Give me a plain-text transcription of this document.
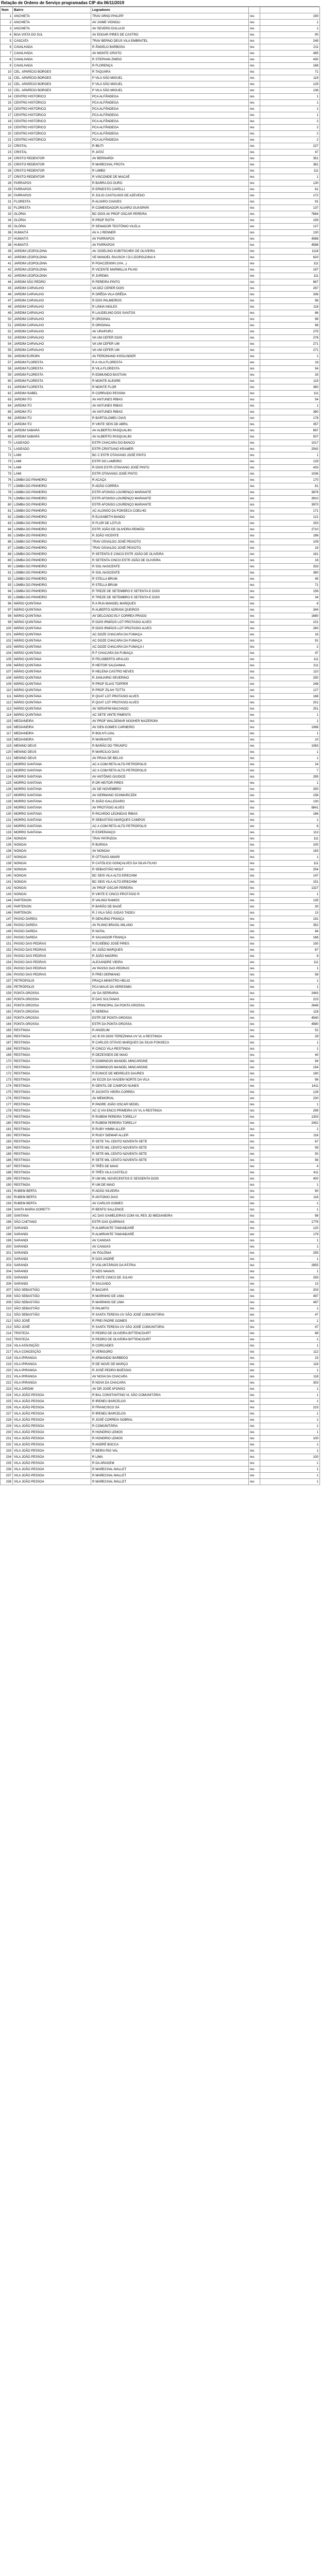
Relação de Ordens de Serviço programadas CIP dia 06/11/2019
Num	Bairro	Logradouro		
1	ANCHIETA	TRAV ARNO PHILIPP	res	190
2	ANCHIETA	AV JAIME VIGNOLI	res	1
3	ANCHIETA	AV SEVERO DULLIUS	res	1
4	BOA VISTA DO SUL	AV EDGAR PIRES DE CASTRO	res	90
5	CASCATA	TRAV BERNO DEUS VILA EMBRATEL	res	249
6	CAVALHADA	R ÂNGELO BARBOSA	res	211
7	CAVALHADA	AV MONTE CRISTO	res	485
8	CAVALHADA	R STEPHAN ZWEIG	res	430
9	CAVALHADA	R FLORENÇA	res	168
10	CEL. APARÍCIO BORGES	R TAQUARA	res	71
11	CEL. APARÍCIO BORGES	P VILA SÃO MIGUEL	res	119
12	CEL. APARÍCIO BORGES	P VILA SÃO MIGUEL	res	129
13	CEL. APARÍCIO BORGES	P VILA SÃO MIGUEL	res	136
14	CENTRO HISTÓRICO	PCA ALFÂNDEGA	res	1
15	CENTRO HISTÓRICO	PCA ALFÂNDEGA	res	1
16	CENTRO HISTÓRICO	PCA ALFÂNDEGA	res	1
17	CENTRO HISTÓRICO	PCA ALFÂNDEGA	res	1
18	CENTRO HISTÓRICO	PCA ALFÂNDEGA	res	2
19	CENTRO HISTÓRICO	PCA ALFÂNDEGA	res	2
20	CENTRO HISTÓRICO	PCA ALFÂNDEGA	res	2
21	CENTRO HISTÓRICO	PCA ALFÂNDEGA	res	2
22	CRISTAL	R IBUTI	res	227
23	CRISTAL	R JATAÍ	res	47
24	CRISTO REDENTOR	AV BERNARDI	res	351
25	CRISTO REDENTOR	R MARECHAL FROTA	res	381
26	CRISTO REDENTOR	R LIMBO	res	111
27	CRISTO REDENTOR	R VISCONDE DE MACAÉ	res	1
28	FARRAPOS	R BARRA DO OURO	res	130
29	FARRAPOS	R ERNESTO CAPELLI	res	61
30	FARRAPOS	R JÚLIO CASTILHOS DE AZEVEDO	res	172
31	FLORESTA	R ALVARO CHAVES	res	91
32	FLORESTA	R COMENDADOR ALVARO GUASPARI	res	137
33	GLÓRIA	BC DOIS AV PROF OSCAR PEREIRA	res	7684
34	GLÓRIA	R PROF ROTH	res	159
35	GLÓRIA	R SENADOR TEOTÔNIO VILELA	res	127
36	HUMAITÁ	AV A J RENNER	res	130
37	HUMAITÁ	AV FARRAPOS	res	4588
38	HUMAITÁ	AV FARRAPOS	res	4588
39	JARDIM LEOPOLDINA	AV JOSELINO KUBITSCHEK DE OLIVEIRA	res	1118
40	JARDIM LEOPOLDINA	VE MANOEL RAUSCH / DJ LEOPOLDINA II	res	620
41	JARDIM LEOPOLDINA	R POACZENSKI (VIA...)	res	111
42	JARDIM LEOPOLDINA	R VICENTE MARMILLIA FILHO	res	197
43	JARDIM LEOPOLDINA	R JUREMA	res	111
44	JARDIM SÃO PEDRO	R PEREIRA PINTO	res	667
45	JARDIM CARVALHO	VA DEZ CERER DOIS	res	267
46	JARDIM CARVALHO	R GRÊDA VILA GRÊDA	res	336
47	JARDIM CARVALHO	R DOS PALMEIROS	res	96
48	JARDIM CARVALHO	R LINHA INGLES	res	116
49	JARDIM CARVALHO	R LAUDELINO DOS SANTOS	res	86
50	JARDIM CARVALHO	R ORIGINAL	res	96
51	JARDIM CARVALHO	R ORIGINAL	res	96
52	JARDIM CARVALHO	AV URAPURU	res	275
53	JARDIM CARVALHO	VA UM CEFER DOIS	res	276
54	JARDIM CARVALHO	VA UM CEFER UM	res	271
55	JARDIM CARVALHO	VA UM CEFER UM	res	271
56	JARDIM EUROPA	AV FERDINAND KISSLINGER	res	1
57	JARDIM FLORESTA	R A VILA FLORESTA	res	18
58	JARDIM FLORESTA	R VILA FLORESTA	res	54
59	JARDIM FLORESTA	R EDMUNDO BASTIAN	res	33
60	JARDIM FLORESTA	R MONTE ALEGRE	res	119
61	JARDIM FLORESTA	R MONTE FLOR	res	360
62	JARDIM ISABEL	R CORRADO PESSINI	res	111
63	JARDIM ITÚ	AV ANTUNES RIBAS	res	54
64	JARDIM ITÚ	AV ANTUNES RIBAS	res	1
65	JARDIM ITÚ	AV ANTUNES RIBAS	res	380
66	JARDIM ITÚ	R BARTOLOMEU DIAS	res	178
67	JARDIM ITÚ	R VINTE SEIS DE ABRIL	res	357
68	JARDIM SABARÁ	AV ALBERTO PASQUALINI	res	697
69	JARDIM SABARÁ	AV ALBERTO PASQUALINI	res	507
70	LAGEADO	ESTR CHACARA DO BANCO	res	1017
71	LAGEADO	ESTR CRISTIANO KRAMER	res	2542
72	LAMI	BC C ESTR OTAVIANO JOSÉ PINTO	res	1
73	LAMI	ESTR DO LAMEIRO	res	129
74	LAMI	R DOIS ESTR OTAVIANO JOSÉ PINTO	res	433
75	LAMI	ESTR OTAVIANO JOSÉ PINTO	res	1036
76	LOMBA DO PINHEIRO	R ACAÇA	res	170
77	LOMBA DO PINHEIRO	R ADÃO CORREA	res	61
78	LOMBA DO PINHEIRO	ESTR AFONSO LOURENÇO MARIANTE	res	3876
79	LOMBA DO PINHEIRO	ESTR AFONSO LOURENÇO MARIANTE	res	3910
80	LOMBA DO PINHEIRO	ESTR AFONSO LOURENÇO MARIANTE	res	3970
81	LOMBA DO PINHEIRO	AC ALONSO DA FONSECA COELHO	res	171
82	LOMBA DO PINHEIRO	R ELISABETH BANDO	res	121
83	LOMBA DO PINHEIRO	R FLOR DE LÓTUS	res	253
84	LOMBA DO PINHEIRO	ESTR JOÃO DE OLIVEIRA REMIÃO	res	2710
85	LOMBA DO PINHEIRO	R JOÃO VICENTE	res	186
86	LOMBA DO PINHEIRO	TRAV OSVALDO JOSÉ PEIXOTO	res	109
87	LOMBA DO PINHEIRO	TRAV OSVALDO JOSÉ PEIXOTO	res	19
88	LOMBA DO PINHEIRO	R SETENTA E CINCO ESTR JOÃO DE OLIVEIRA	res	161
89	LOMBA DO PINHEIRO	R SETENTA CINCO ESTR JOÃO DE OLIVEIRA	res	16
90	LOMBA DO PINHEIRO	R SOL NASCENTE	res	333
91	LOMBA DO PINHEIRO	R SOL NASCENTE	res	360
92	LOMBA DO PINHEIRO	R STELLA BRUM	res	45
93	LOMBA DO PINHEIRO	R STELLA BRUM	res	71
94	LOMBA DO PINHEIRO	R TREZE DE SETEMBRO E SETENTA E DOIS	res	156
95	LOMBA DO PINHEIRO	R TREZE DE SETEMBRO E SETENTA E DOIS	res	34
96	MÁRIO QUINTANA	R A RUA MANOEL MARQUES	res	8
97	MÁRIO QUINTANA	R ALBERTO ADRIANI QUEIROS	res	344
98	MÁRIO QUINTANA	AV DELCIADO ELY CORREA PRADO	res	1680
99	MÁRIO QUINTANA	R DOIS IRMÃOS LOT PROTASIO ALVES	res	101
100	MÁRIO QUINTANA	R DOIS IRMÃOS LOT PROTASIO ALVES	res	260
101	MÁRIO QUINTANA	AC DOZE CHACARA DA FUMAÇA	res	16
102	MÁRIO QUINTANA	AC DOZE CHACARA DA FUMAÇA	res	91
103	MÁRIO QUINTANA	AC DOZE CHACARA DA FUMAÇA I	res	2
104	MÁRIO QUINTANA	R F CHACARA DA FUMAÇA	res	47
105	MÁRIO QUINTANA	R FELISBERTO ARAUJO	res	111
106	MÁRIO QUINTANA	R HEITOR SALDANHA	res	211
107	MÁRIO QUINTANA	R HELENA CASTRO NEVES	res	110
108	MÁRIO QUINTANA	R JANUARIO SEVERINO	res	250
109	MÁRIO QUINTANA	R PROF ELIAS TOPPER	res	248
110	MÁRIO QUINTANA	R PROF ZILAH TOTTA	res	127
111	MÁRIO QUINTANA	R QUAT LOT PROTASIO ALVES	res	168
112	MÁRIO QUINTANA	R QUAT LOT PROTASIO ALVES	res	201
113	MÁRIO QUINTANA	AV SERAFIM MACHADO	res	251
114	MÁRIO QUINTANA	AC SETE VINTE PIMENTA	res	1
115	MEDIANEIRA	AV PROF WALDEMAR NOGHER MAZERONI	res	1
116	MEDIANEIRA	AV GEN GOMES CARNEIRO	res	1066
117	MEDIANEIRA	R BOLIVÍ LOAL	res	1
118	MEDIANEIRA	R MARIANTE	res	10
119	MENINO DEUS	R BARÃO DO TRIUNFO	res	1083
120	MENINO DEUS	R MARCILIO DIAS	res	1
121	MENINO DEUS	AV PRAIA DE BELAS	res	1
122	MORRO SANTANA	AC A COM RETA ALTO PETRÓPOLIS	res	24
123	MORRO SANTANA	AC A COM RETA ALTO PETRÓPOLIS	res	7
124	MORRO SANTANA	AV ANTÔNIO GIUDICE	res	295
125	MORRO SANTANA	R DR HEITOR PIRES	res	1
126	MORRO SANTANA	AV DE NOVEMBRO	res	250
127	MORRO SANTANA	AV GERMANO SCHMARCZEK	res	156
128	MORRO SANTANA	R JOÃO GALLEGARO	res	130
129	MORRO SANTANA	AV PROTÁSIO ALVES	res	9841
130	MORRO SANTANA	R RICARDO LEONIDAS RIBAS	res	166
131	MORRO SANTANA	R SEBASTIÃO MARQUES CAMPOS	res	1
132	MORRO SANTANA	AC A COM RETA ALTO PETRÓPOLIS	res	8
133	MORRO SANTANA	R ESPERANÇO	res	113
134	NONOAI	TRAV PATRIZOA	res	111
135	NONOAI	R BURIGA	res	100
136	NONOAI	AV NONOAI	res	163
137	NONOAI	R OTTAVIO AMARI	res	1
138	NONOAI	R CATÓLICO GONÇALVES DA SILVA FILHO	res	111
139	NONOAI	R SEBASTIÃO WOLF	res	254
140	NONOAI	BC SEIS VILA ALTO ERECHIM	res	147
141	NONOAI	BC SEIS VILA ALTO ERECHIM	res	151
142	NONOAI	AV PROF OSCAR PEREIRA	res	1327
143	NONOAI	R VINTE E CINCO PROTÁSIO R	res	1
144	PARTENON	R VALINO RAMOS	res	135
145	PARTENON	R BARÃO DE BAGÉ	res	30
146	PARTENON	R J VILA SÃO JUDAS TADEU	res	13
147	PASSO DAREIA	R GENUÍNO FRANÇA	res	191
148	PASSO DAREIA	AV PLINIO BRASIL MILANO	res	352
149	PASSO DAREIA	R NATAL	res	94
150	PASSO DAREIA	R SALVADOR FRANÇA	res	166
151	PASSO DAS PEDRAS	R EUSÉBIO JOSÉ PIRES	res	150
152	PASSO DAS PEDRAS	AV JOÃO MARQUES	res	67
153	PASSO DAS PEDRAS	R JOÃO MADRIN	res	8
154	PASSO DAS PEDRAS	ALEXANDRE VIEIRA	res	111
155	PASSO DAS PEDRAS	AV PASSO DAS PEDRAS	res	1
156	PASSO DAS PEDRAS	R FREI GERMANO	res	58
157	PETRÓPOLIS	PRAÇA MINISTRO HELIO	res	1
158	PETRÓPOLIS	PCA MAUÁ DA VERESIMO	res	1
159	PONTA GROSSA	AV DA SERRARIA	res	2463
160	PONTA GROSSA	R DAS SULTANAS	res	223
161	PONTA GROSSA	AV PRINCIPAL DA PONTA GROSSA	res	2646
162	PONTA GROSSA	R SERENA	res	118
163	PONTA GROSSA	ESTR DE PONTA GROSSA	res	4540
164	PONTA GROSSA	ESTR DA PONTA GROSSA	res	4980
165	RESTINGA	R ANGELIM	res	52
166	RESTINGA	AC B SS DOIS TEREZINHA UV VL A RESTINGA	res	29
167	RESTINGA	R CARLOS OTÁVIO MARQUES DA SILVA FONSECA	res	1
168	RESTINGA	R CINCO VILA RESTINGA	res	1
169	RESTINGA	R DEZESSEIS DE MAIO	res	40
170	RESTINGA	R DOMINGOS MANOEL MINCARONE	res	94
171	RESTINGA	R DOMINGOS MANOEL MINCARONE	res	154
172	RESTINGA	R EUNICE DE MEIRELES DAURES	res	180
173	RESTINGA	AV ECOS DA VIAGEM NORTE DA VILA	res	96
174	RESTINGA	R GENTIL DE CAMPOS NUNES	res	1411
175	RESTINGA	R JACINTO VIEIRA CORREA	res	128
176	RESTINGA	AV MEMORIAL	res	230
177	RESTINGA	R PADRE JOÃO OSCAR NEDEL	res	1
178	RESTINGA	AC Q VIA ENCO PRIMEIRA UV VL A RESTINGA	res	299
179	RESTINGA	R RUBEM PEREIRA TORELLY	res	1303
180	RESTINGA	R RUBEM PEREIRA TORELLY	res	2452
181	RESTINGA	R RUBY HIMMI ALLER	res	1
182	RESTINGA	R RUDY DIEMAR ALLER	res	116
183	RESTINGA	R SETE TAL CENTO NOVENTA SETE	res	67
184	RESTINGA	R SETE MIL CENTO NOVENTA SETE	res	59
185	RESTINGA	R SETE MIL CENTO NOVENTA SETE	res	50
186	RESTINGA	R SETE MIL CENTO NOVENTA SETE	res	56
187	RESTINGA	R TRÊS DE MAIO	res	4
188	RESTINGA	R TRÊS VILA CASTELO	res	411
189	RESTINGA	R UM MIL NOVECENTOS E SESSENTA DOIS	res	400
190	RESTINGA	R UM DE MAIO	res	1
191	RUBEM BERTA	R ADÃO SILVEIRA	res	90
192	RUBEM BERTA	R ANTONIO DIAS	res	116
193	RUBEM BERTA	AV CARLOS GOMES	res	1
194	SANTA MARIA GORETTI	R BENTO SALLENCE	res	1
195	SANTANA	AC DAS GAMELEIRAS COM VIL RES JD MEDIANEIRA	res	98
196	SÃO CAETANO	ESTR DAS QUIRINAS	res	1776
197	SARANDI	R ALMIRANTE TAMANDARÉ	res	120
198	SARANDI	R ALMIRANTE TAMANDARÉ	res	179
199	SARANDI	AV CANOAS	res	1
200	SARANDI	AV CANOAS	res	1
201	SARANDI	AV POLÔNIA	res	255
202	SARANDI	R DOS ANDRÉ	res	1
203	SARANDI	R VOLUNTÁRIOS DA PÁTRIA	res	2855
204	SARANDI	R NÓS NAVAIS	res	1
205	SARANDI	R VINTE CINCO DE JULHO	res	293
206	SARANDI	R SALGADO	res	13
207	SÃO SEBASTIÃO	R BACAPÁ	res	203
208	SÃO SEBASTIÃO	R MARINHO DE LIMA	res	497
209	SÃO SEBASTIÃO	R MARINHO DE LIMA	res	497
210	SÃO SEBASTIÃO	R PALMITO	res	1
211	SÃO SEBASTIÃO	R SANTA TERESA UV SÃO JOSÉ COMUNITÁRIA	res	47
212	SÃO JOSÉ	R FREI PADRE GOMES	res	1
213	SÃO JOSÉ	R SANTA TERESA UV SÃO JOSÉ COMUNITÁRIA	res	47
214	TRISTEZA	R PEDRO DE OLIVEIRA BITTENCOURT	res	88
215	TRISTEZA	R PEDRO DE OLIVEIRA BITTENCOURT	res	1
216	VILA ASSUNÇÃO	R CORCADES	res	1
217	VILA CONCEIÇÃO	R VERIGORO	res	112
218	VILA IPIRANGA	R ARMANDO BARBEDO	res	23
219	VILA IPIRANGA	R DE NOVE DE MARÇO	res	116
220	VILA IPIRANGA	R JOSÉ PEDRO BOÉSSIO	res	1
221	VILA IPIRANGA	AV NOVA DA CHACARA	res	118
222	VILA IPIRANGA	R NOVA DA CHACARA	res	303
223	VILA JARDIM	AV DR JOSÉ AFONSO	res	1
224	VILA JOÃO PESSOA	R BAL CONSTANTINO VL SÃO COMUNITÁRIA	res	1
225	VILA JOÃO PESSOA	R IRENEU BARCELOS	res	1
226	VILA JOÃO PESSOA	R FRANCISCO SÁ	res	223
227	VILA JOÃO PESSOA	R IRENEU BARCELOS	res	1
228	VILA JOÃO PESSOA	R JOSÉ CORREIA SOBRAL	res	1
229	VILA JOÃO PESSOA	R COMUNITÁRIA	res	1
230	VILA JOÃO PESSOA	R HONÓRIO LEMOS	res	1
231	VILA JOÃO PESSOA	R HONÓRIO LEMOS	res	100
232	VILA JOÃO PESSOA	R ANDRÉ BOCCA	res	1
233	VILA JOÃO PESSOA	R BEIRA RIO VAL	res	1
234	VILA JOÃO PESSOA	R LIMA	res	100
235	VILA JOÃO PESSOA	R DA ARAGEM	res	1
236	VILA JOÃO PESSOA	R MARECHAL MALLET	res	1
237	VILA JOÃO PESSOA	R MARECHAL MALLET	res	1
238	VILA JOÃO PESSOA	R MARECHAL MALLET	res	1
